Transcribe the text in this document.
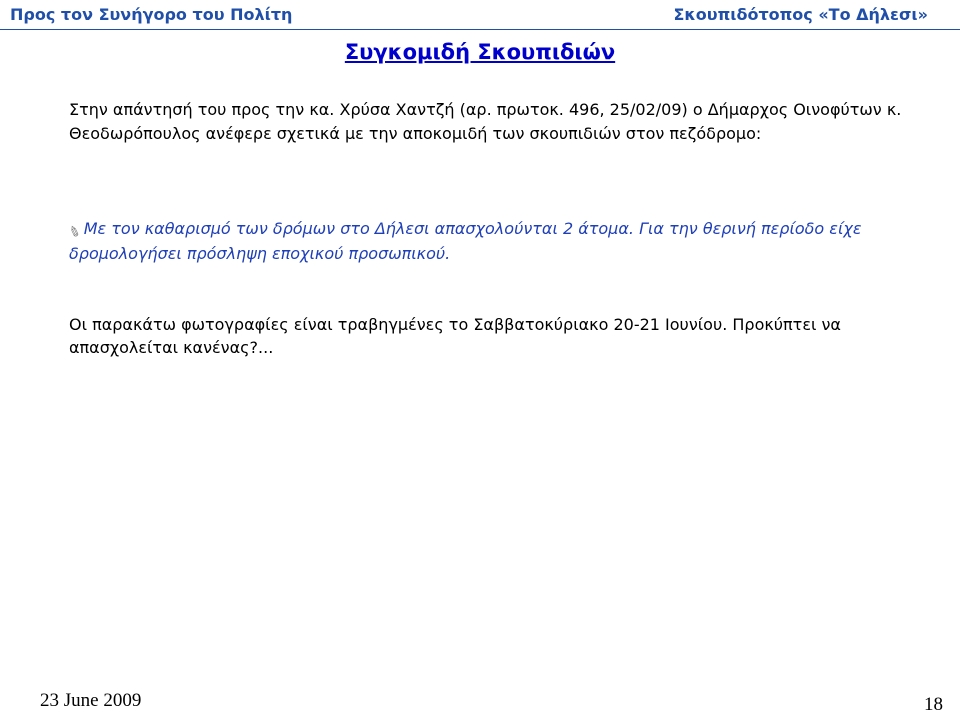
Προς τον Συνήγορο του Πολίτη	Σκουπιδότοπος «Το Δήλεσι»
Συγκομιδή Σκουπιδιών
Στην απάντησή του προς την κα. Χρύσα Χαντζή (αρ. πρωτοκ. 496, 25/02/09) ο Δήμαρχος Οινοφύτων κ. Θεοδωρόπουλος ανέφερε σχετικά με την αποκομιδή των σκουπιδιών στον πεζόδρομο:
✎Με τον καθαρισμό των δρόμων στο Δήλεσι απασχολούνται 2 άτομα. Για την θερινή περίοδο είχε δρομολογήσει πρόσληψη εποχικού προσωπικού.
Οι παρακάτω φωτογραφίες είναι τραβηγμένες το Σαββατοκύριακο 20-21 Ιουνίου. Προκύπτει να απασχολείται κανένας?...
23 June 2009	18
